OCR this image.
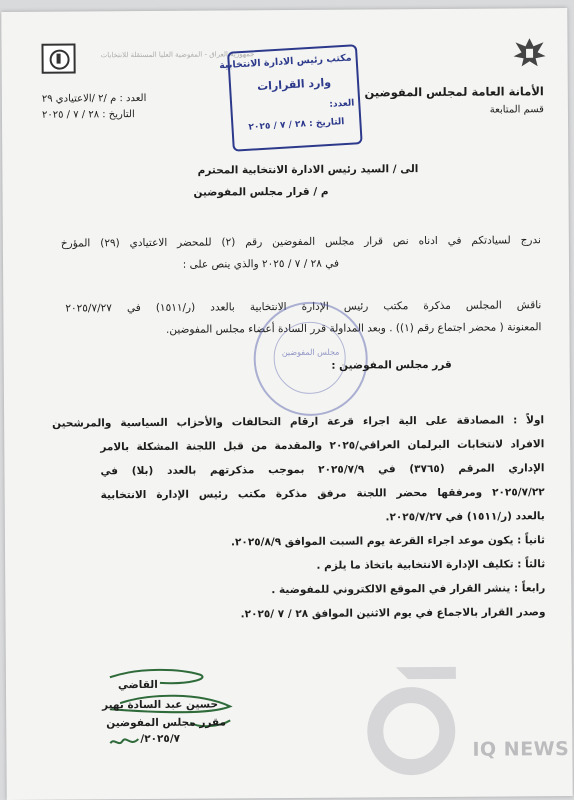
جمهورية العراق - المفوضية العليا المستقلة للانتخابات
الأمانة العامة لمجلس المفوضين
قسم المتابعة
العدد : م /٢ /الاعتيادي ٢٩
التاريخ : ٢٨ / ٧ / ٢٠٢٥
مكتب رئيس الادارة الانتخابية
وارد القرارات
العدد:
التاريخ : ٢٨ / ٧ / ٢٠٢٥
الى / السيد رئيس الادارة الانتخابية المحترم
م / قرار مجلس المفوضين
ندرج لسيادتكم في ادناه نص قرار مجلس المفوضين رقم (٢) للمحضر الاعتيادي (٢٩) المؤرخ
في ٢٨ / ٧ / ٢٠٢٥ والذي ينص على :
ناقش المجلس مذكرة مكتب رئيس الإدارة الانتخابية بالعدد (ر/١٥١١) في ٢٠٢٥/٧/٢٧
المعنونة ( محضر اجتماع رقم (١)) . وبعد المداولة قرر السادة أعضاء مجلس المفوضين.
مجلس المفوضين
قرر مجلس المفوضين :
اولاً : المصادقة على الية اجراء قرعة ارقام التحالفات والأحزاب السياسية والمرشحين
الافراد لانتخابات البرلمان العراقي/٢٠٢٥ والمقدمة من قبل اللجنة المشكلة بالامر
الإداري المرقم (٣٧٦٥) في ٢٠٢٥/٧/٩ بموجب مذكرتهم بالعدد (بلا) في
٢٠٢٥/٧/٢٢ ومرفقها محضر اللجنة مرفق مذكرة مكتب رئيس الإدارة الانتخابية
بالعدد (ر/١٥١١) في ٢٠٢٥/٧/٢٧.
ثانياً : يكون موعد اجراء القرعة يوم السبت الموافق ٢٠٢٥/٨/٩.
ثالثاً : تكليف الإدارة الانتخابية باتخاذ ما يلزم .
رابعاً : ينشر القرار في الموقع الالكتروني للمفوضية .
وصدر القرار بالاجماع في يوم الاثنين الموافق ٢٨ / ٧ /٢٠٢٥.
IQ NEWS
القاضي
حسين عبد السادة بهير
مقرر مجلس المفوضين
٢٠٢٥/٧/
